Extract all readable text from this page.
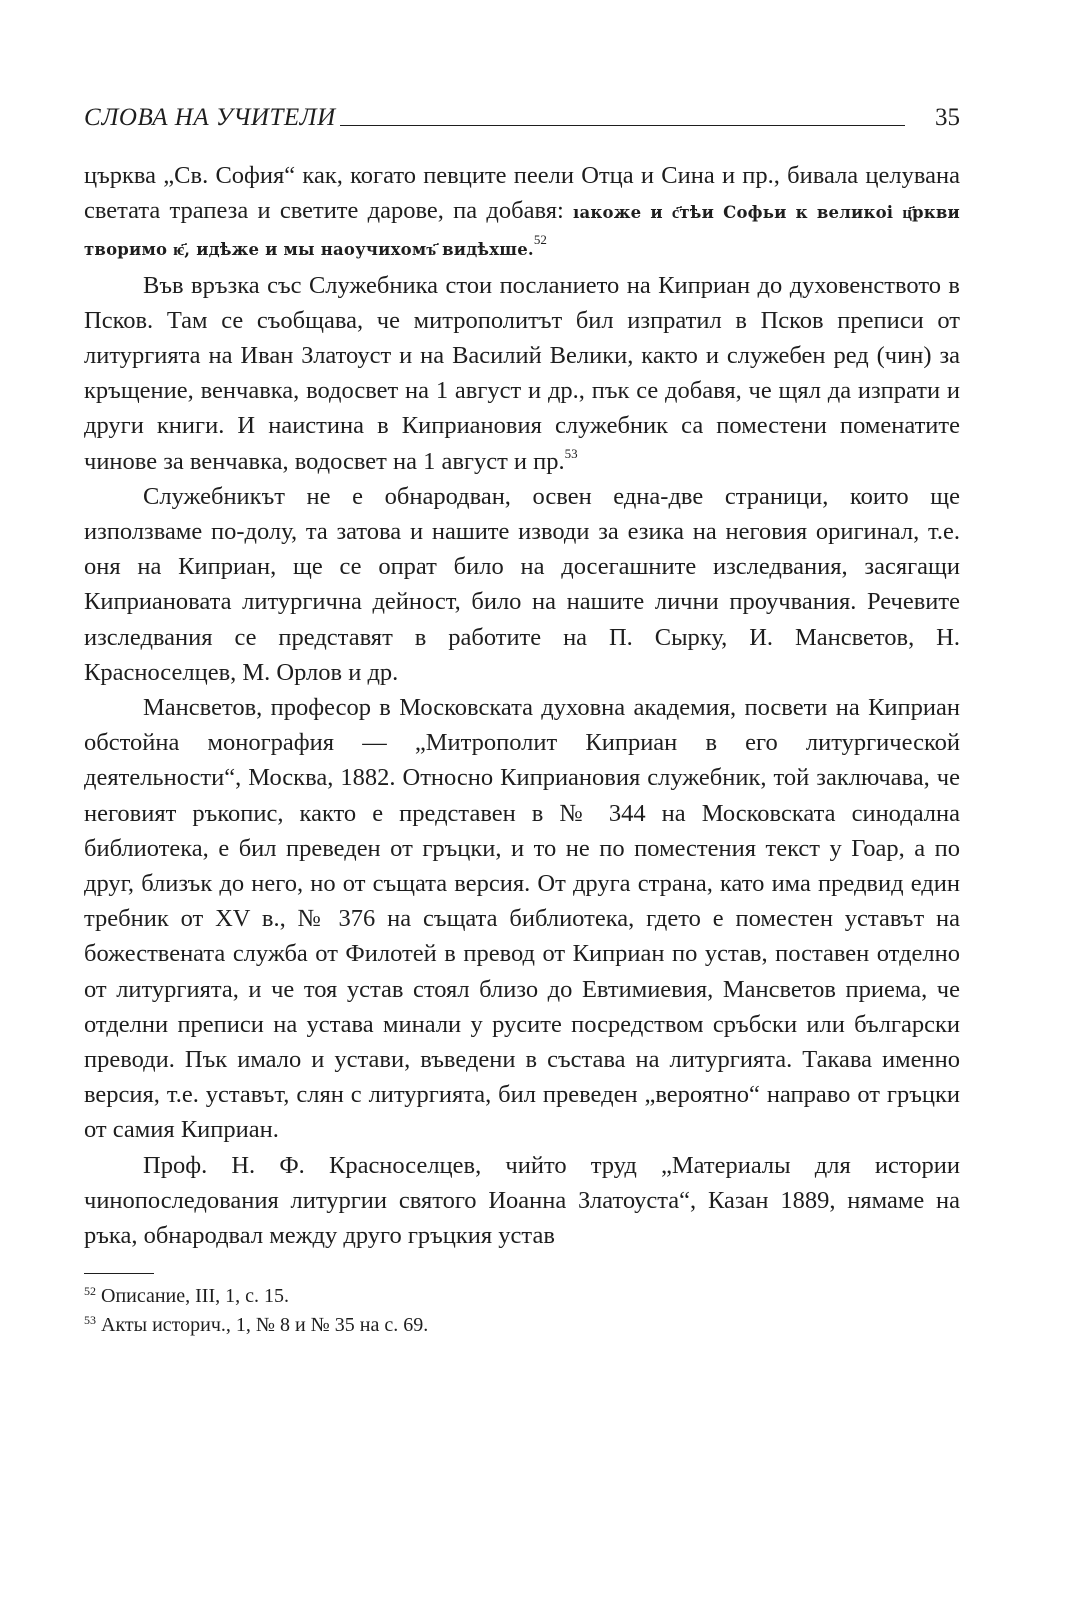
СЛОВА НА УЧИТЕЛИ	35

църква „Св. София“ как, когато певците пеели Отца и Сина и пр., бивала целувана светата трапеза и светите дарове, па добавя: ıакоже и с҃тѣи Софьи к великоі ц҃ркви творимо ѥ҃, идѣже и мы наоучихомъ҃ видѣхше.$^{52}$

Във връзка със Служебника стои посланието на Киприан до духовенството в Псков. Там се съобщава, че митрополитът бил изпратил в Псков преписи от литургията на Иван Златоуст и на Василий Велики, както и служебен ред (чин) за кръщение, венчавка, водосвет на 1 август и др., пък се добавя, че щял да изпрати и други книги. И наистина в Киприановия служебник са поместени поменатите чинове за венчавка, водосвет на 1 август и пр.$^{53}$

Служебникът не е обнародван, освен една-две страници, които ще използваме по-долу, та затова и нашите изводи за езика на неговия оригинал, т.е. оня на Киприан, ще се опрат било на досегашните изследвания, засягащи Киприановата литургична дейност, било на нашите лични проучвания. Речевите изследвания се представят в работите на П. Сырку, И. Мансветов, Н. Красноселцев, М. Орлов и др.

Мансветов, професор в Московската духовна академия, посвети на Киприан обстойна монография — „Митрополит Киприан в его литургической деятельности“, Москва, 1882. Относно Киприановия служебник, той заключава, че неговият ръкопис, както е представен в № 344 на Московската синодална библиотека, е бил преведен от гръцки, и то не по поместения текст у Гоар, а по друг, близък до него, но от същата версия. От друга страна, като има предвид един требник от XV в., № 376 на същата библиотека, гдето е поместен уставът на божествената служба от Филотей в превод от Киприан по устав, поставен отделно от литургията, и че тоя устав стоял близо до Евтимиевия, Мансветов приема, че отделни преписи на устава минали у русите посредством сръбски или български преводи. Пък имало и устави, въведени в състава на литургията. Такава именно версия, т.е. уставът, слян с литургията, бил преведен „вероятно“ направо от гръцки от самия Киприан.

Проф. Н. Ф. Красноселцев, чийто труд „Материалы для истории чинопоследования литургии святого Иоанна Златоуста“, Казан 1889, нямаме на ръка, обнародвал между друго гръцкия устав

$^{52}$ Описание, III, 1, с. 15.
$^{53}$ Акты историч., 1, № 8 и № 35 на с. 69.
